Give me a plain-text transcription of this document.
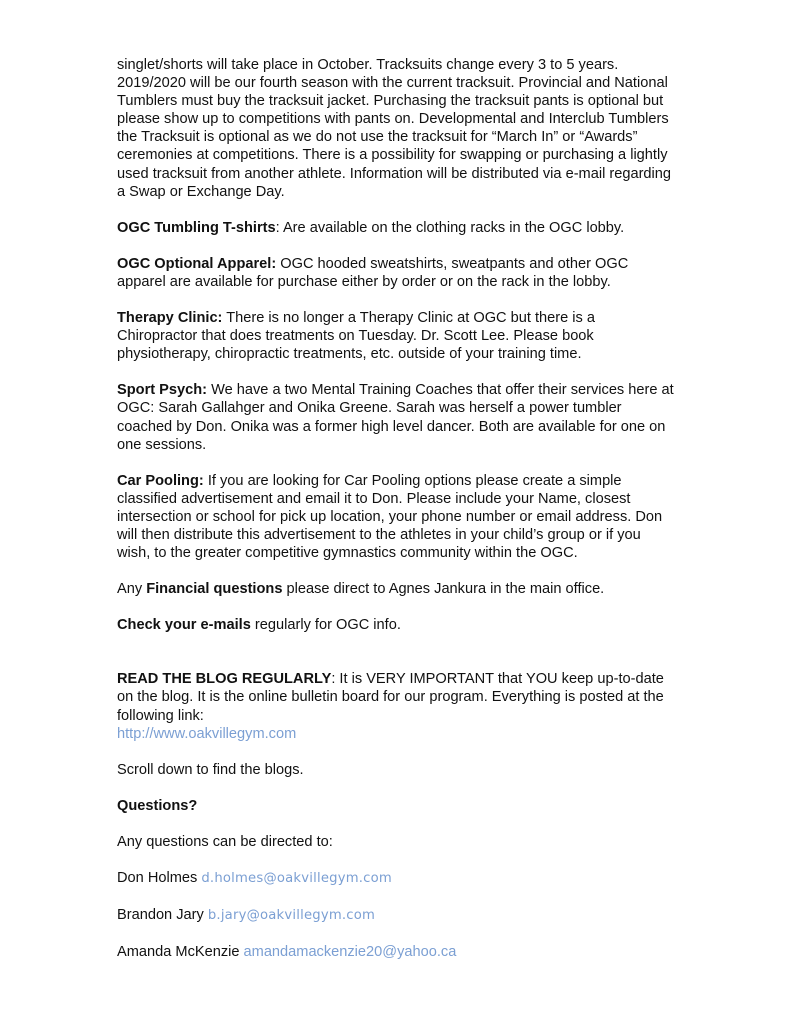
singlet/shorts will take place in October. Tracksuits change every 3 to 5 years. 2019/2020 will be our fourth season with the current tracksuit. Provincial and National Tumblers must buy the tracksuit jacket. Purchasing the tracksuit pants is optional but please show up to competitions with pants on. Developmental and Interclub Tumblers the Tracksuit is optional as we do not use the tracksuit for “March In” or “Awards” ceremonies at competitions. There is a possibility for swapping or purchasing a lightly used tracksuit from another athlete. Information will be distributed via e-mail regarding a Swap or Exchange Day.

OGC Tumbling T-shirts: Are available on the clothing racks in the OGC lobby.

OGC Optional Apparel: OGC hooded sweatshirts, sweatpants and other OGC apparel are available for purchase either by order or on the rack in the lobby.

Therapy Clinic: There is no longer a Therapy Clinic at OGC but there is a Chiropractor that does treatments on Tuesday. Dr. Scott Lee. Please book physiotherapy, chiropractic treatments, etc. outside of your training time.

Sport Psych: We have a two Mental Training Coaches that offer their services here at OGC: Sarah Gallahger and Onika Greene. Sarah was herself a power tumbler coached by Don. Onika was a former high level dancer. Both are available for one on one sessions.

Car Pooling: If you are looking for Car Pooling options please create a simple classified advertisement and email it to Don. Please include your Name, closest intersection or school for pick up location, your phone number or email address. Don will then distribute this advertisement to the athletes in your child’s group or if you wish, to the greater competitive gymnastics community within the OGC.

Any Financial questions please direct to Agnes Jankura in the main office.

Check your e-mails regularly for OGC info.

READ THE BLOG REGULARLY: It is VERY IMPORTANT that YOU keep up-to-date on the blog. It is the online bulletin board for our program. Everything is posted at the following link:

http://www.oakvillegym.com

Scroll down to find the blogs.

Questions?

Any questions can be directed to:

Don Holmes d.holmes@oakvillegym.com

Brandon Jary b.jary@oakvillegym.com

Amanda McKenzie amandamackenzie20@yahoo.ca
